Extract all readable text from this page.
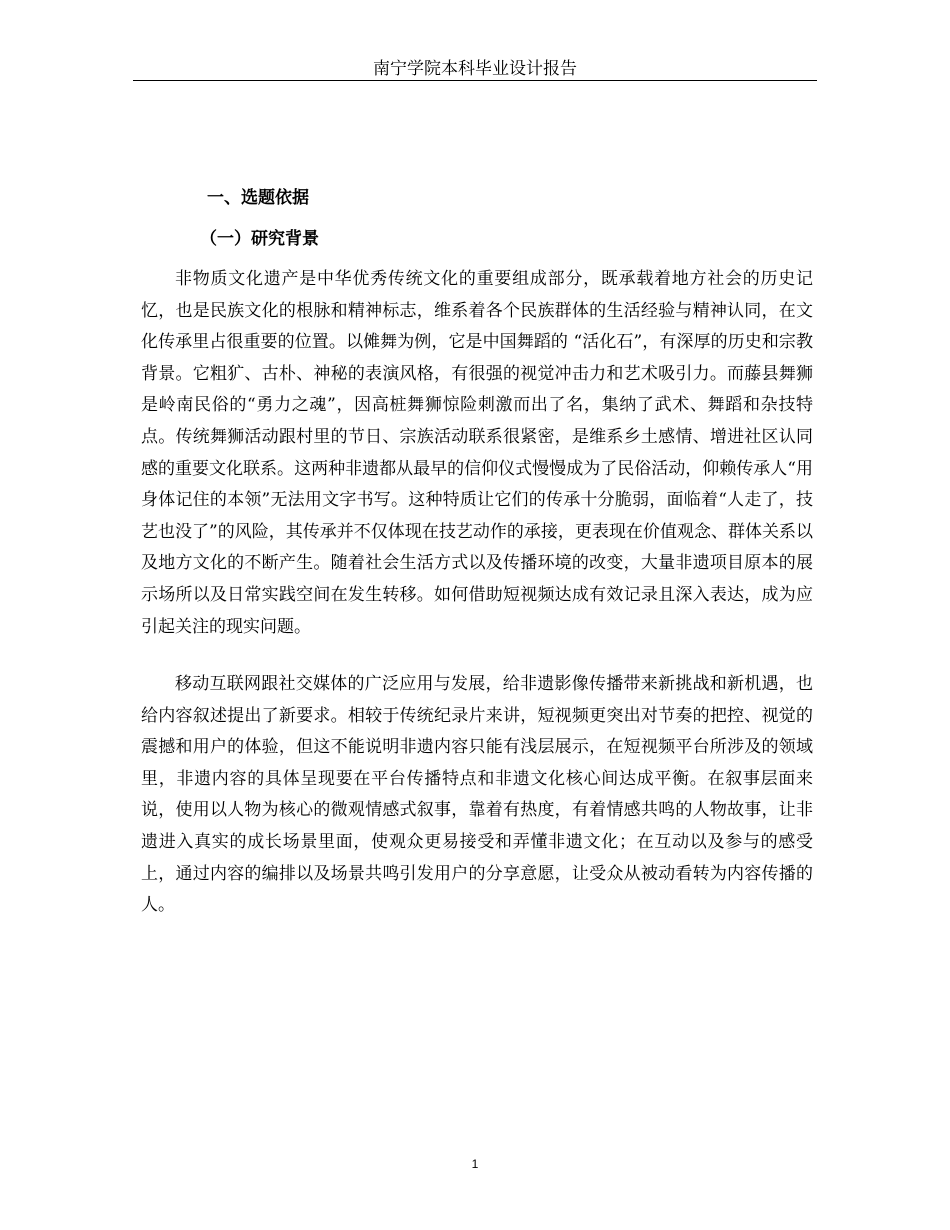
南宁学院本科毕业设计报告
一、选题依据
（一）研究背景

非物质文化遗产是中华优秀传统文化的重要组成部分，既承载着地方社会的历史记忆，也是民族文化的根脉和精神标志，维系着各个民族群体的生活经验与精神认同，在文化传承里占很重要的位置。以傩舞为例，它是中国舞蹈的 “活化石”，有深厚的历史和宗教背景。它粗犷、古朴、神秘的表演风格，有很强的视觉冲击力和艺术吸引力。而藤县舞狮是岭南民俗的“勇力之魂”，因高桩舞狮惊险刺激而出了名，集纳了武术、舞蹈和杂技特点。传统舞狮活动跟村里的节日、宗族活动联系很紧密，是维系乡土感情、增进社区认同感的重要文化联系。这两种非遗都从最早的信仰仪式慢慢成为了民俗活动，仰赖传承人“用身体记住的本领”无法用文字书写。这种特质让它们的传承十分脆弱，面临着“人走了，技艺也没了”的风险，其传承并不仅体现在技艺动作的承接，更表现在价值观念、群体关系以及地方文化的不断产生。随着社会生活方式以及传播环境的改变，大量非遗项目原本的展示场所以及日常实践空间在发生转移。如何借助短视频达成有效记录且深入表达，成为应引起关注的现实问题。

移动互联网跟社交媒体的广泛应用与发展，给非遗影像传播带来新挑战和新机遇，也给内容叙述提出了新要求。相较于传统纪录片来讲，短视频更突出对节奏的把控、视觉的震撼和用户的体验，但这不能说明非遗内容只能有浅层展示，在短视频平台所涉及的领域里，非遗内容的具体呈现要在平台传播特点和非遗文化核心间达成平衡。在叙事层面来说，使用以人物为核心的微观情感式叙事，靠着有热度，有着情感共鸣的人物故事，让非遗进入真实的成长场景里面，使观众更易接受和弄懂非遗文化；在互动以及参与的感受上，通过内容的编排以及场景共鸣引发用户的分享意愿，让受众从被动看转为内容传播的人。

1
